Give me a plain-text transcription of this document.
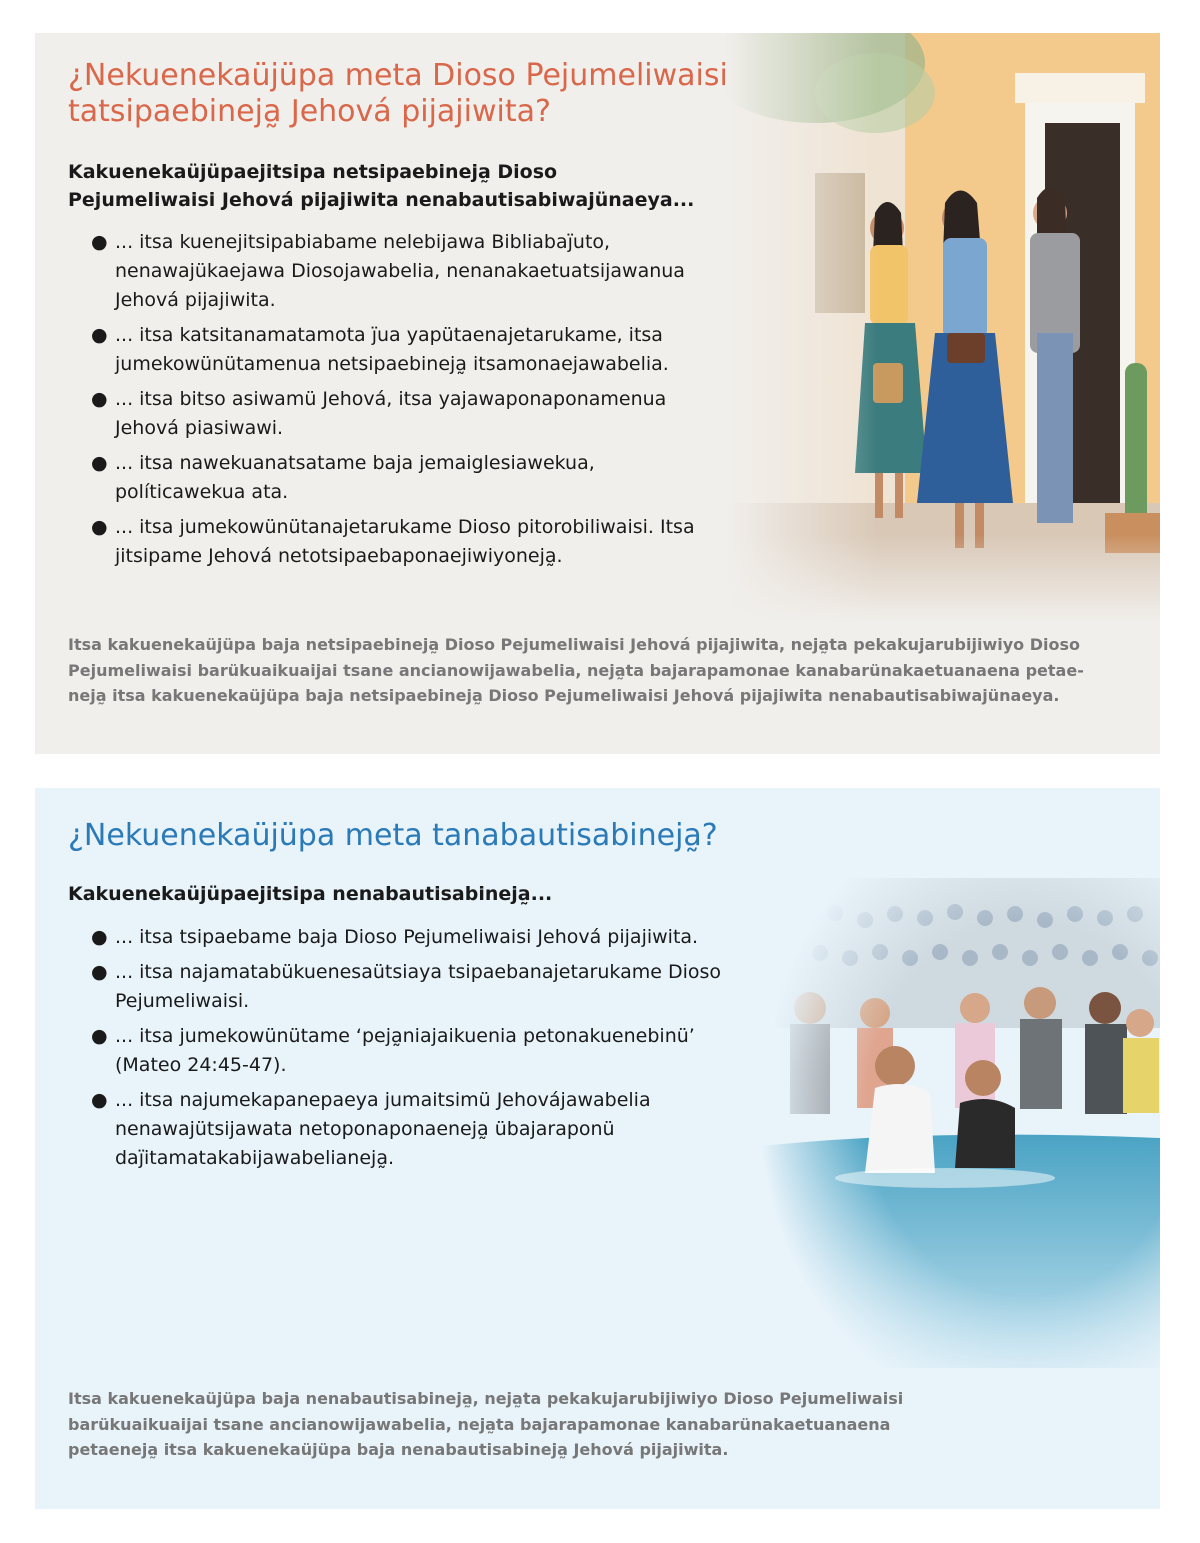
¿Nekuenekaüjüpa meta Dioso Pejumeliwaisi tatsipaebineja̰ Jehová pijajiwita?

Kakuenekaüjüpaejitsipa netsipaebineja̰ Dioso Pejumeliwaisi Jehová pijajiwita nenabautisabiwajünaeya...

● ... itsa kuenejitsipabiabame nelebijawa Bibliabaj̈uto, nenawajükaejawa Diosojawabelia, nenanakaetuatsijawanua Jehová pijajiwita.
● ... itsa katsitanamatamota j̈ua yapütaenajetarukame, itsa jumekowünütamenua netsipaebineja̰ itsamonaejawabelia.
● ... itsa bitso asiwamü Jehová, itsa yajawaponaponamenua Jehová piasiwawi.
● ... itsa nawekuanatsatame baja jemaiglesiawekua, políticawekua ata.
● ... itsa jumekowünütanajetarukame Dioso pitorobiliwaisi. Itsa jitsipame Jehová netotsipaebaponaejiwiyoneja̰.

Itsa kakuenekaüjüpa baja netsipaebineja̰ Dioso Pejumeliwaisi Jehová pijajiwita, neja̰ta pekakujarubijiwiyo Dioso Pejumeliwaisi barükuaikuaijai tsane ancianowijawabelia, neja̰ta bajarapamonae kanabarünakaetuanaena petae-neja̰ itsa kakuenekaüjüpa baja netsipaebineja̰ Dioso Pejumeliwaisi Jehová pijajiwita nenabautisabiwajünaeya.

¿Nekuenekaüjüpa meta tanabautisabineja̰?

Kakuenekaüjüpaejitsipa nenabautisabineja̰...

● ... itsa tsipaebame baja Dioso Pejumeliwaisi Jehová pijajiwita.
● ... itsa najamatabükuenesaütsiaya tsipaebanajetarukame Dioso Pejumeliwaisi.
● ... itsa jumekowünütame ‘peja̰niajaikuenia petonakuenebinü’ (Mateo 24:45-47).
● ... itsa najumekapanepaeya jumaitsimü Jehovájawabelia nenawajütsijawata netoponaponaeneja̰ übajaraponü daj̈itamatakabijawabelianeja̰.

Itsa kakuenekaüjüpa baja nenabautisabineja̰, neja̰ta pekakujarubijiwiyo Dioso Pejumeliwaisi barükuaikuaijai tsane ancianowijawabelia, neja̰ta bajarapamonae kanabarünakaetuanaena petaeneja̰ itsa kakuenekaüjüpa baja nenabautisabineja̰ Jehová pijajiwita.
